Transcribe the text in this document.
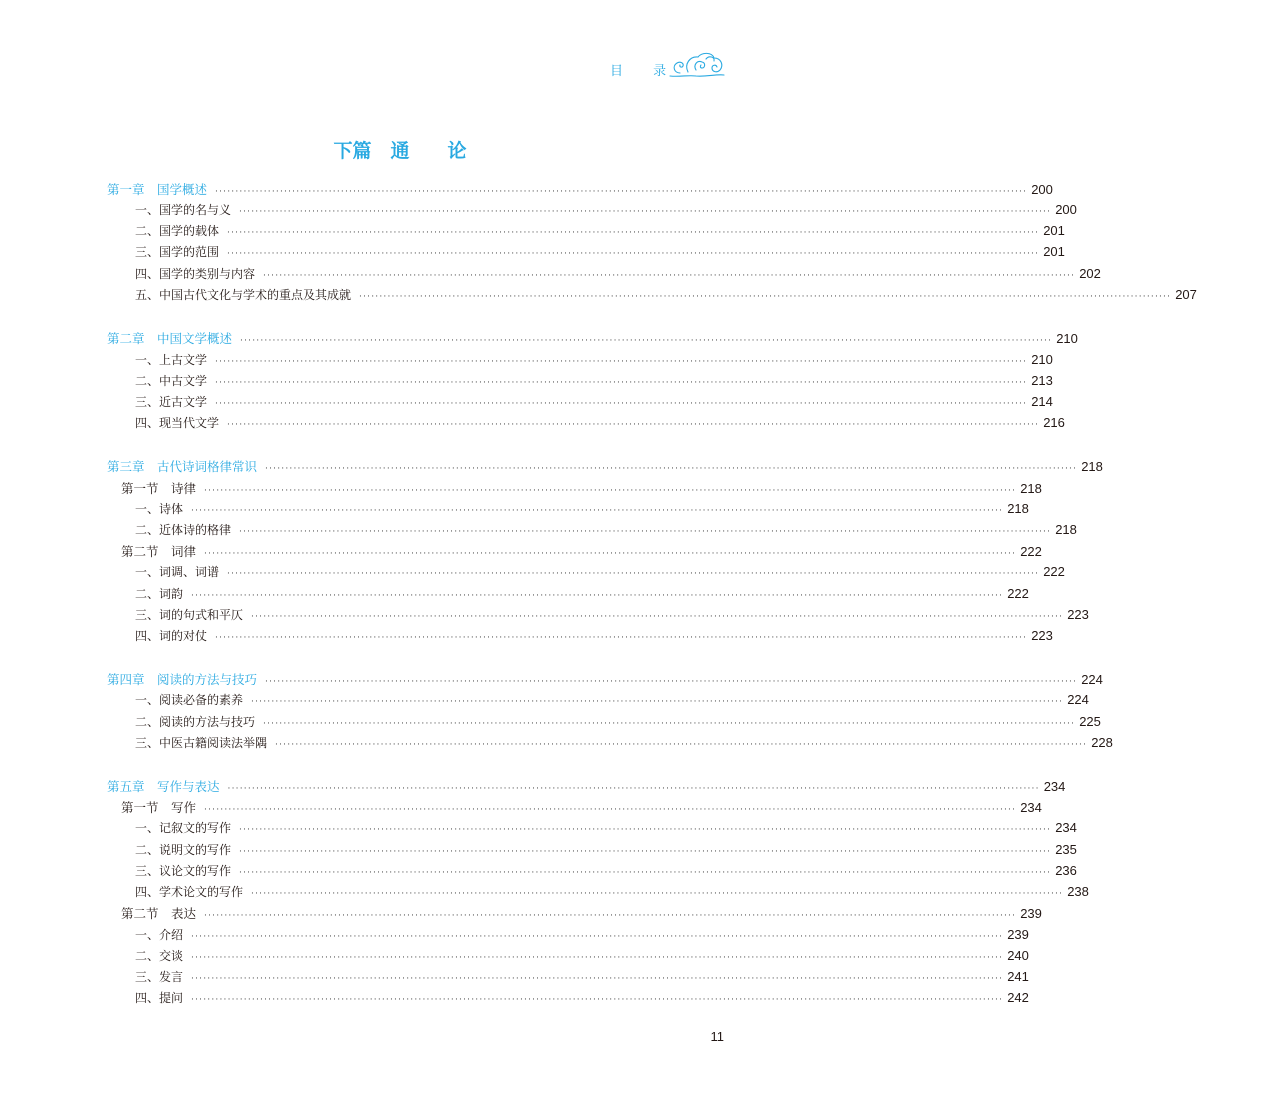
目 录
下篇　通　　论
第一章　国学概述 ········································································································································································································ 200
一、国学的名与义 ········································································································································································································ 200
二、国学的载体 ········································································································································································································ 201
三、国学的范围 ········································································································································································································ 201
四、国学的类别与内容 ········································································································································································································ 202
五、中国古代文化与学术的重点及其成就 ········································································································································································································ 207
第二章　中国文学概述 ········································································································································································································ 210
一、上古文学 ········································································································································································································ 210
二、中古文学 ········································································································································································································ 213
三、近古文学 ········································································································································································································ 214
四、现当代文学 ········································································································································································································ 216
第三章　古代诗词格律常识 ········································································································································································································ 218
第一节　诗律 ········································································································································································································ 218
一、诗体 ········································································································································································································ 218
二、近体诗的格律 ········································································································································································································ 218
第二节　词律 ········································································································································································································ 222
一、词调、词谱 ········································································································································································································ 222
二、词韵 ········································································································································································································ 222
三、词的句式和平仄 ········································································································································································································ 223
四、词的对仗 ········································································································································································································ 223
第四章　阅读的方法与技巧 ········································································································································································································ 224
一、阅读必备的素养 ········································································································································································································ 224
二、阅读的方法与技巧 ········································································································································································································ 225
三、中医古籍阅读法举隅 ········································································································································································································ 228
第五章　写作与表达 ········································································································································································································ 234
第一节　写作 ········································································································································································································ 234
一、记叙文的写作 ········································································································································································································ 234
二、说明文的写作 ········································································································································································································ 235
三、议论文的写作 ········································································································································································································ 236
四、学术论文的写作 ········································································································································································································ 238
第二节　表达 ········································································································································································································ 239
一、介绍 ········································································································································································································ 239
二、交谈 ········································································································································································································ 240
三、发言 ········································································································································································································ 241
四、提问 ········································································································································································································ 242
11
